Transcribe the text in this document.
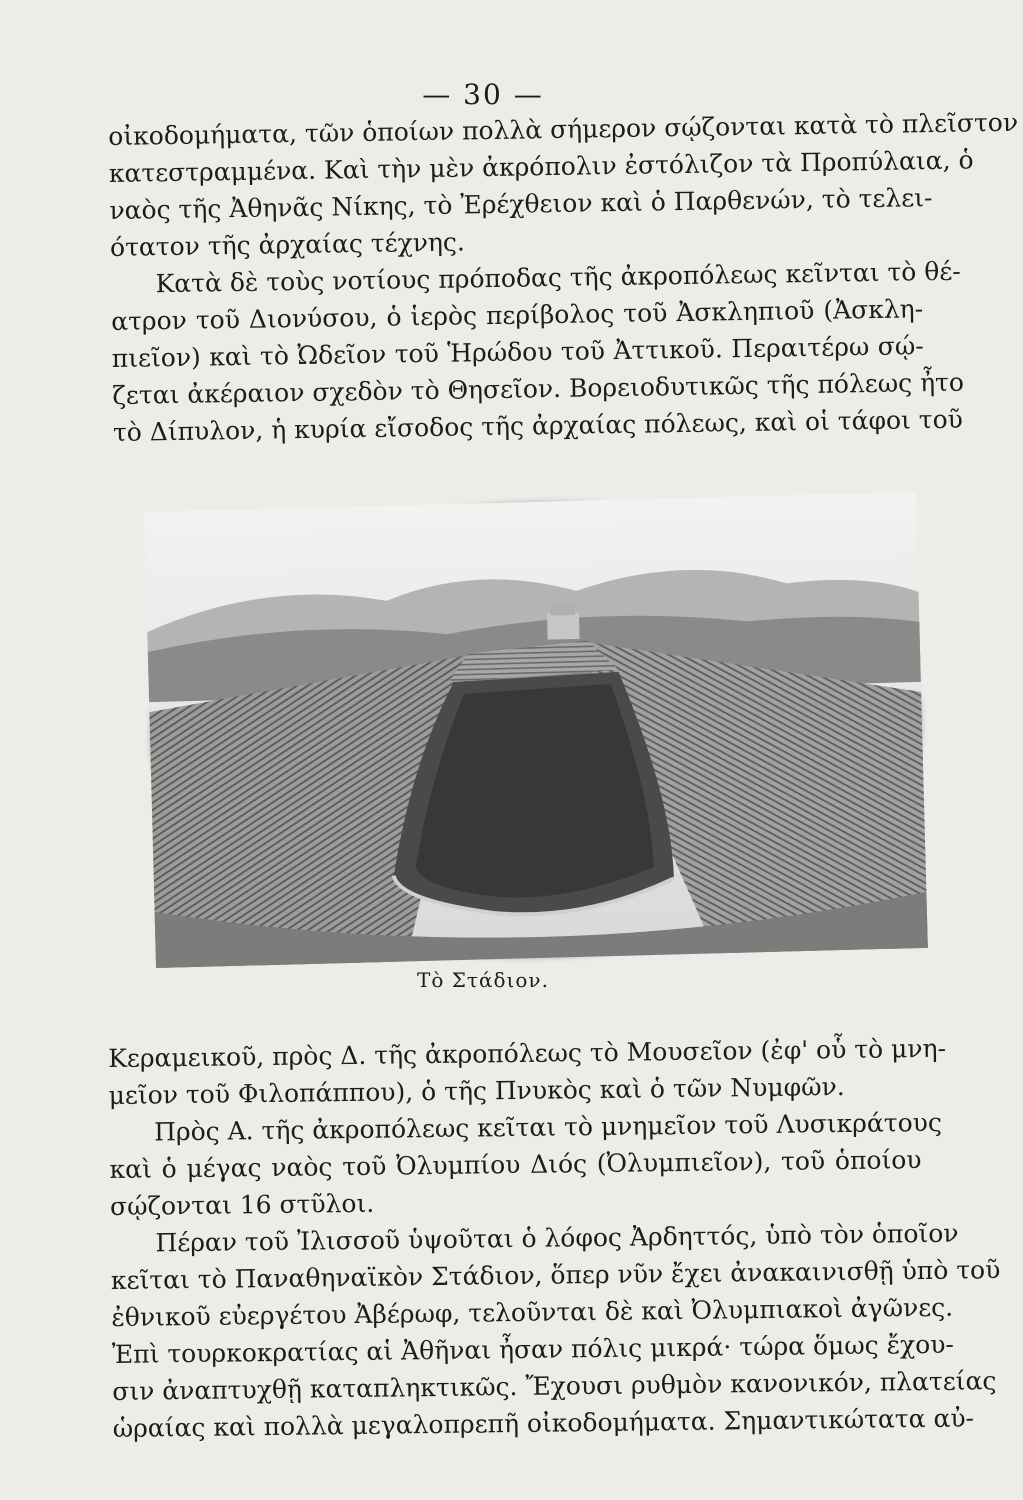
— 30 —
οἰκοδομήματα, τῶν ὁποίων πολλὰ σήμερον σῴζονται κατὰ τὸ πλεῖστον
κατεστραμμένα. Καὶ τὴν μὲν ἀκρόπολιν ἐστόλιζον τὰ Προπύλαια, ὁ
ναὸς τῆς Ἀθηνᾶς Νίκης, τὸ Ἐρέχθειον καὶ ὁ Παρθενών, τὸ τελει-
ότατον τῆς ἀρχαίας τέχνης.
Κατὰ δὲ τοὺς νοτίους πρόποδας τῆς ἀκροπόλεως κεῖνται τὸ θέ-
ατρον τοῦ Διονύσου, ὁ ἱερὸς περίβολος τοῦ Ἀσκληπιοῦ (Ἀσκλη-
πιεῖον) καὶ τὸ Ὠδεῖον τοῦ Ἡρώδου τοῦ Ἀττικοῦ. Περαιτέρω σῴ-
ζεται ἀκέραιον σχεδὸν τὸ Θησεῖον. Βορειοδυτικῶς τῆς πόλεως ἦτο
τὸ Δίπυλον, ἡ κυρία εἴσοδος τῆς ἀρχαίας πόλεως, καὶ οἱ τάφοι τοῦ
Τὸ Στάδιον.
Κεραμεικοῦ, πρὸς Δ. τῆς ἀκροπόλεως τὸ Μουσεῖον (ἐφ' οὗ τὸ μνη-
μεῖον τοῦ Φιλοπάππου), ὁ τῆς Πνυκὸς καὶ ὁ τῶν Νυμφῶν.
Πρὸς Α. τῆς ἀκροπόλεως κεῖται τὸ μνημεῖον τοῦ Λυσικράτους
καὶ ὁ μέγας ναὸς τοῦ Ὀλυμπίου Διός (Ὀλυμπιεῖον), τοῦ ὁποίου
σῴζονται 16 στῦλοι.
Πέραν τοῦ Ἰλισσοῦ ὑψοῦται ὁ λόφος Ἀρδηττός, ὑπὸ τὸν ὁποῖον
κεῖται τὸ Παναθηναϊκὸν Στάδιον, ὅπερ νῦν ἔχει ἀνακαινισθῇ ὑπὸ τοῦ
ἐθνικοῦ εὐεργέτου Ἀβέρωφ, τελοῦνται δὲ καὶ Ὀλυμπιακοὶ ἀγῶνες.
Ἐπὶ τουρκοκρατίας αἱ Ἀθῆναι ἦσαν πόλις μικρά· τώρα ὅμως ἔχου-
σιν ἀναπτυχθῇ καταπληκτικῶς. Ἔχουσι ρυθμὸν κανονικόν, πλατείας
ὡραίας καὶ πολλὰ μεγαλοπρεπῆ οἰκοδομήματα. Σημαντικώτατα αὐ-
